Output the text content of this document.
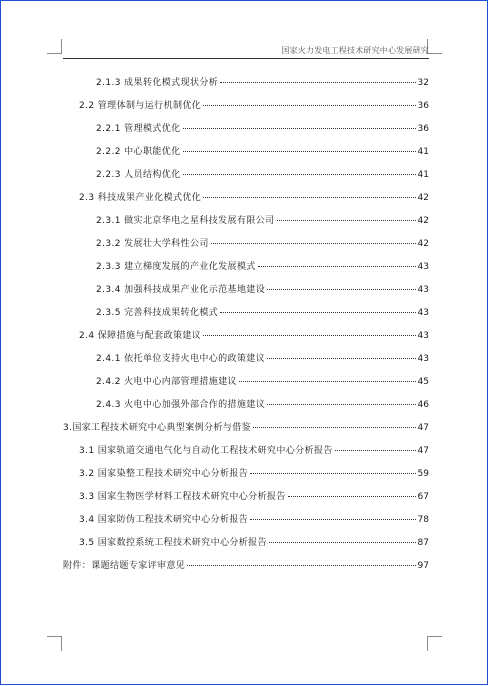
国家火力发电工程技术研究中心发展研究
2.1.3 成果转化模式现状分析	32
2.2 管理体制与运行机制优化	36
2.2.1 管理模式优化	36
2.2.2 中心职能优化	41
2.2.3 人员结构优化	41
2.3 科技成果产业化模式优化	42
2.3.1 做实北京华电之星科技发展有限公司	42
2.3.2 发展壮大学科性公司	42
2.3.3 建立梯度发展的产业化发展模式	43
2.3.4 加强科技成果产业化示范基地建设	43
2.3.5 完善科技成果转化模式	43
2.4 保障措施与配套政策建议	43
2.4.1 依托单位支持火电中心的政策建议	43
2.4.2 火电中心内部管理措施建议	45
2.4.3 火电中心加强外部合作的措施建议	46
3.国家工程技术研究中心典型案例分析与借鉴	47
3.1 国家轨道交通电气化与自动化工程技术研究中心分析报告	47
3.2 国家染整工程技术研究中心分析报告	59
3.3 国家生物医学材料工程技术研究中心分析报告	67
3.4 国家防伪工程技术研究中心分析报告	78
3.5 国家数控系统工程技术研究中心分析报告	87
附件：课题结题专家评审意见	97
